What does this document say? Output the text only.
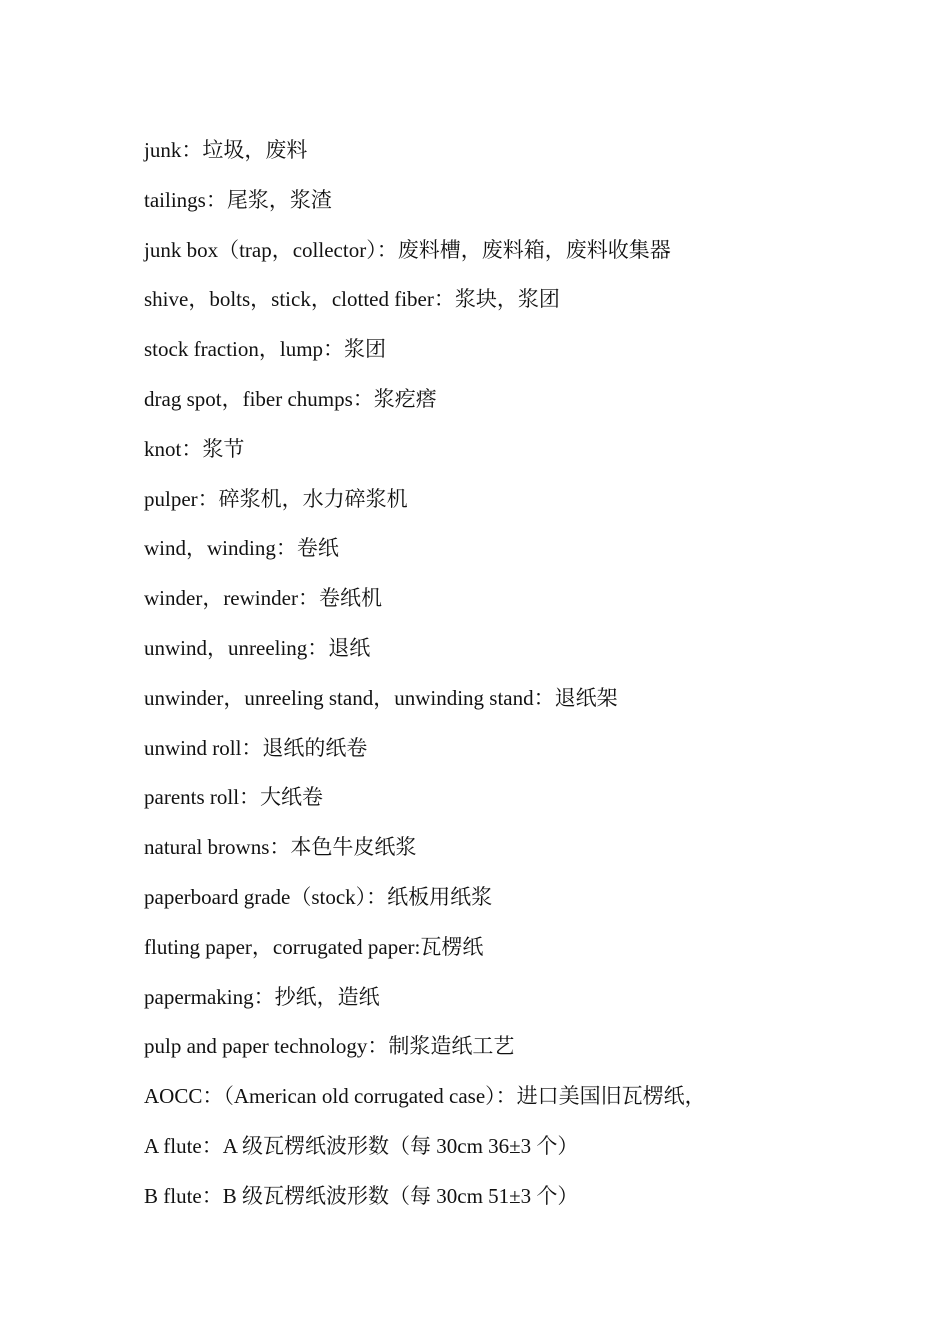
junk：垃圾，废料
tailings：尾浆，浆渣
junk box（trap，collector）：废料槽，废料箱，废料收集器
shive，bolts，stick，clotted fiber：浆块，浆团
stock fraction，lump：浆团
drag spot，fiber chumps：浆疙瘩
knot：浆节
pulper：碎浆机，水力碎浆机
wind，winding：卷纸
winder，rewinder：卷纸机
unwind，unreeling：退纸
unwinder，unreeling stand，unwinding stand：退纸架
unwind roll：退纸的纸卷
parents roll：大纸卷
natural browns：本色牛皮纸浆
paperboard grade（stock）：纸板用纸浆
fluting paper，corrugated paper:瓦楞纸
papermaking：抄纸，造纸
pulp and paper technology：制浆造纸工艺
AOCC：（American old corrugated case）：进口美国旧瓦楞纸，
A flute：A 级瓦楞纸波形数（每 30cm 36±3 个）
B flute：B 级瓦楞纸波形数（每 30cm 51±3 个）
